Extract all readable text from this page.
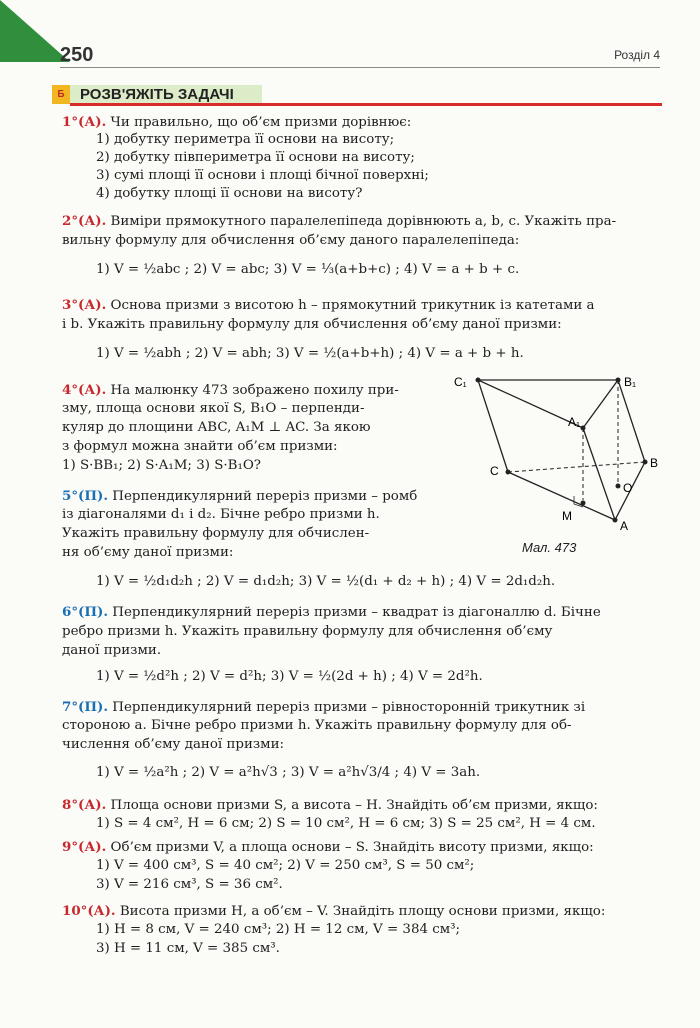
250	Розділ 4
Б	РОЗВ'ЯЖІТЬ ЗАДАЧІ
1°(А). Чи правильно, що об’єм призми дорівнює:
1) добутку периметра її основи на висоту;
2) добутку півпериметра її основи на висоту;
3) сумі площі її основи і площі бічної поверхні;
4) добутку площі її основи на висоту?
2°(А). Виміри прямокутного паралелепіпеда дорівнюють a, b, c. Укажіть пра-
вильну формулу для обчислення об’єму даного паралелепіпеда:
1) V = ½abc ; 2) V = abc; 3) V = ⅓(a+b+c) ; 4) V = a + b + c.
3°(А). Основа призми з висотою h – прямокутний трикутник із катетами a
і b. Укажіть правильну формулу для обчислення об’єму даної призми:
1) V = ½abh ; 2) V = abh; 3) V = ½(a+b+h) ; 4) V = a + b + h.
4°(А). На малюнку 473 зображено похилу при-
зму, площа основи якої S, B₁O – перпенди-
куляр до площини ABC, A₁M ⊥ AC. За якою
з формул можна знайти об’єм призми:
1) S·BB₁; 2) S·A₁M; 3) S·B₁O?
5°(П). Перпендикулярний переріз призми – ромб
із діагоналями d₁ і d₂. Бічне ребро призми h.
Укажіть правильну формулу для обчислен-
ня об’єму даної призми:
1) V = ½d₁d₂h ; 2) V = d₁d₂h; 3) V = ½(d₁ + d₂ + h) ; 4) V = 2d₁d₂h.
6°(П). Перпендикулярний переріз призми – квадрат із діагоналлю d. Бічне
ребро призми h. Укажіть правильну формулу для обчислення об’єму
даної призми.
1) V = ½d²h ; 2) V = d²h; 3) V = ½(2d + h) ; 4) V = 2d²h.
7°(П). Перпендикулярний переріз призми – рівносторонній трикутник зі
стороною a. Бічне ребро призми h. Укажіть правильну формулу для об-
числення об’єму даної призми:
1) V = ½a²h ; 2) V = a²h√3 ; 3) V = a²h√3/4 ; 4) V = 3ah.
8°(А). Площа основи призми S, а висота – H. Знайдіть об’єм призми, якщо:
1) S = 4 см², H = 6 см; 2) S = 10 см², H = 6 см; 3) S = 25 см², H = 4 см.
9°(А). Об’єм призми V, а площа основи – S. Знайдіть висоту призми, якщо:
1) V = 400 см³, S = 40 см²; 2) V = 250 см³, S = 50 см²;
3) V = 216 см³, S = 36 см².
10°(А). Висота призми H, а об’єм – V. Знайдіть площу основи призми, якщо:
1) H = 8 см, V = 240 см³; 2) H = 12 см, V = 384 см³;
3) H = 11 см, V = 385 см³.
C₁	B₁
A₁
C
B
O
M
A
Мал. 473
